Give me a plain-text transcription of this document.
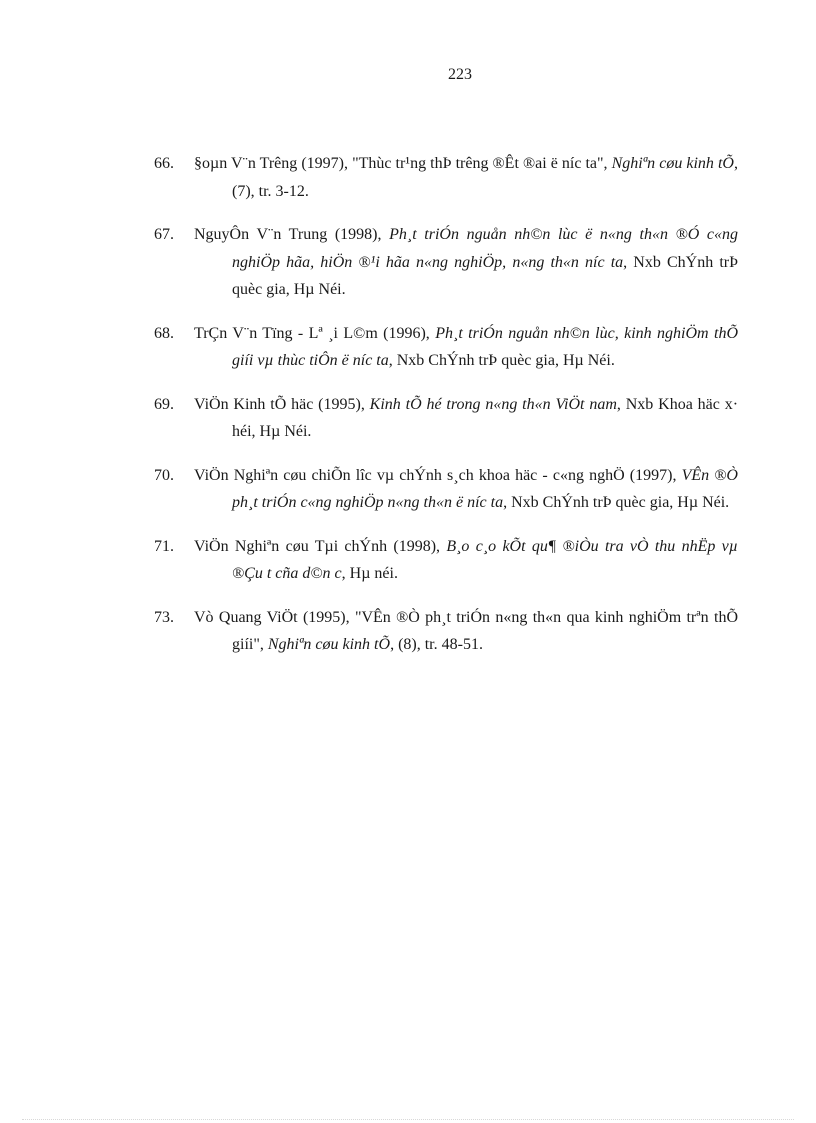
223

66. §oµn V¨n Trêng (1997), "Thùc tr¹ng thÞ trêng ®Êt ®ai ë níc ta", Nghiªn cøu kinh tÕ, (7), tr. 3-12.

67. NguyÔn V¨n Trung (1998), Ph¸t triÓn nguån nh©n lùc ë n«ng th«n ®Ó c«ng nghiÖp hãa, hiÖn ®¹i hãa n«ng nghiÖp, n«ng th«n níc ta, Nxb ChÝnh trÞ quèc gia, Hµ Néi.

68. TrÇn V¨n Tïng - Lª ¸i L©m (1996), Ph¸t triÓn nguån nh©n lùc, kinh nghiÖm thÕ giíi vµ thùc tiÔn ë níc ta, Nxb ChÝnh trÞ quèc gia, Hµ Néi.

69. ViÖn Kinh tÕ häc (1995), Kinh tÕ hé trong n«ng th«n ViÖt nam, Nxb Khoa häc x· héi, Hµ Néi.

70. ViÖn Nghiªn cøu chiÕn lîc vµ chÝnh s¸ch khoa häc - c«ng nghÖ (1997), VÊn ®Ò ph¸t triÓn c«ng nghiÖp n«ng th«n ë níc ta, Nxb ChÝnh trÞ quèc gia, Hµ Néi.

71. ViÖn Nghiªn cøu Tµi chÝnh (1998), B¸o c¸o kÕt qu¶ ®iÒu tra vÒ thu nhËp vµ ®Çu t cña d©n c, Hµ néi.

73. Vò Quang ViÖt (1995), "VÊn ®Ò ph¸t triÓn n«ng th«n qua kinh nghiÖm trªn thÕ giíi", Nghiªn cøu kinh tÕ, (8), tr. 48-51.
